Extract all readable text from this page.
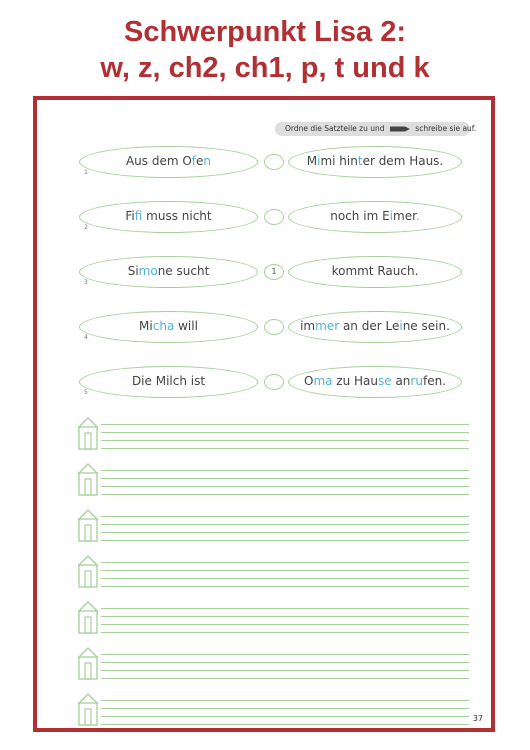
Schwerpunkt Lisa 2:
w, z, ch2, ch1, p, t und k
Ordne die Satzteile zu und	schreibe sie auf.
1
Aus dem Ofen	Mimi hinter dem Haus.
2
Fifi muss nicht	noch im Eimer.
3
Simone sucht	1	kommt Rauch.
4
Micha will	immer an der Leine sein.
5
Die Milch ist	Oma zu Hause anrufen.
37
